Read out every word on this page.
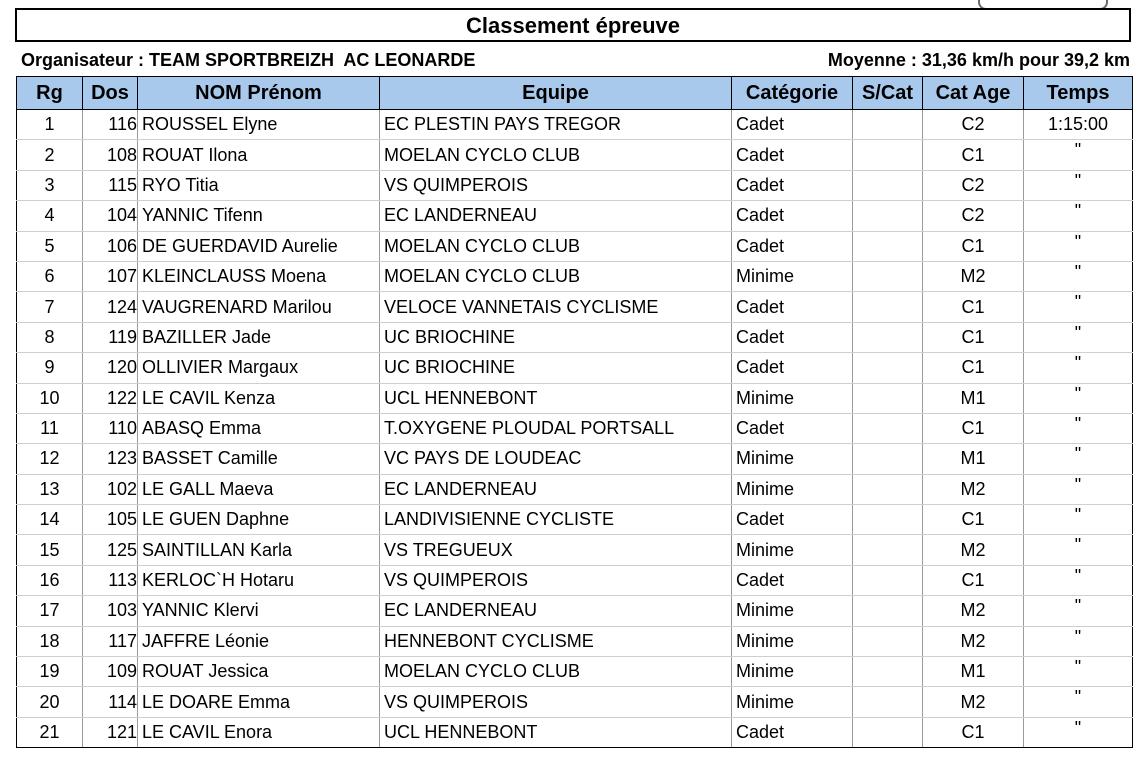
Classement épreuve
Organisateur : TEAM SPORTBREIZH  AC LEONARDE	Moyenne : 31,36 km/h pour 39,2 km
Rg	Dos	NOM Prénom	Equipe	Catégorie	S/Cat	Cat Age	Temps
1	116	ROUSSEL Elyne	EC PLESTIN PAYS TREGOR	Cadet		C2	1:15:00
2	108	ROUAT Ilona	MOELAN CYCLO CLUB	Cadet		C1	"
3	115	RYO Titia	VS QUIMPEROIS	Cadet		C2	"
4	104	YANNIC Tifenn	EC LANDERNEAU	Cadet		C2	"
5	106	DE GUERDAVID Aurelie	MOELAN CYCLO CLUB	Cadet		C1	"
6	107	KLEINCLAUSS Moena	MOELAN CYCLO CLUB	Minime		M2	"
7	124	VAUGRENARD Marilou	VELOCE VANNETAIS CYCLISME	Cadet		C1	"
8	119	BAZILLER Jade	UC BRIOCHINE	Cadet		C1	"
9	120	OLLIVIER Margaux	UC BRIOCHINE	Cadet		C1	"
10	122	LE CAVIL Kenza	UCL HENNEBONT	Minime		M1	"
11	110	ABASQ Emma	T.OXYGENE PLOUDAL PORTSALL	Cadet		C1	"
12	123	BASSET Camille	VC PAYS DE LOUDEAC	Minime		M1	"
13	102	LE GALL Maeva	EC LANDERNEAU	Minime		M2	"
14	105	LE GUEN Daphne	LANDIVISIENNE CYCLISTE	Cadet		C1	"
15	125	SAINTILLAN Karla	VS TREGUEUX	Minime		M2	"
16	113	KERLOC`H Hotaru	VS QUIMPEROIS	Cadet		C1	"
17	103	YANNIC Klervi	EC LANDERNEAU	Minime		M2	"
18	117	JAFFRE Léonie	HENNEBONT CYCLISME	Minime		M2	"
19	109	ROUAT Jessica	MOELAN CYCLO CLUB	Minime		M1	"
20	114	LE DOARE Emma	VS QUIMPEROIS	Minime		M2	"
21	121	LE CAVIL Enora	UCL HENNEBONT	Cadet		C1	"
